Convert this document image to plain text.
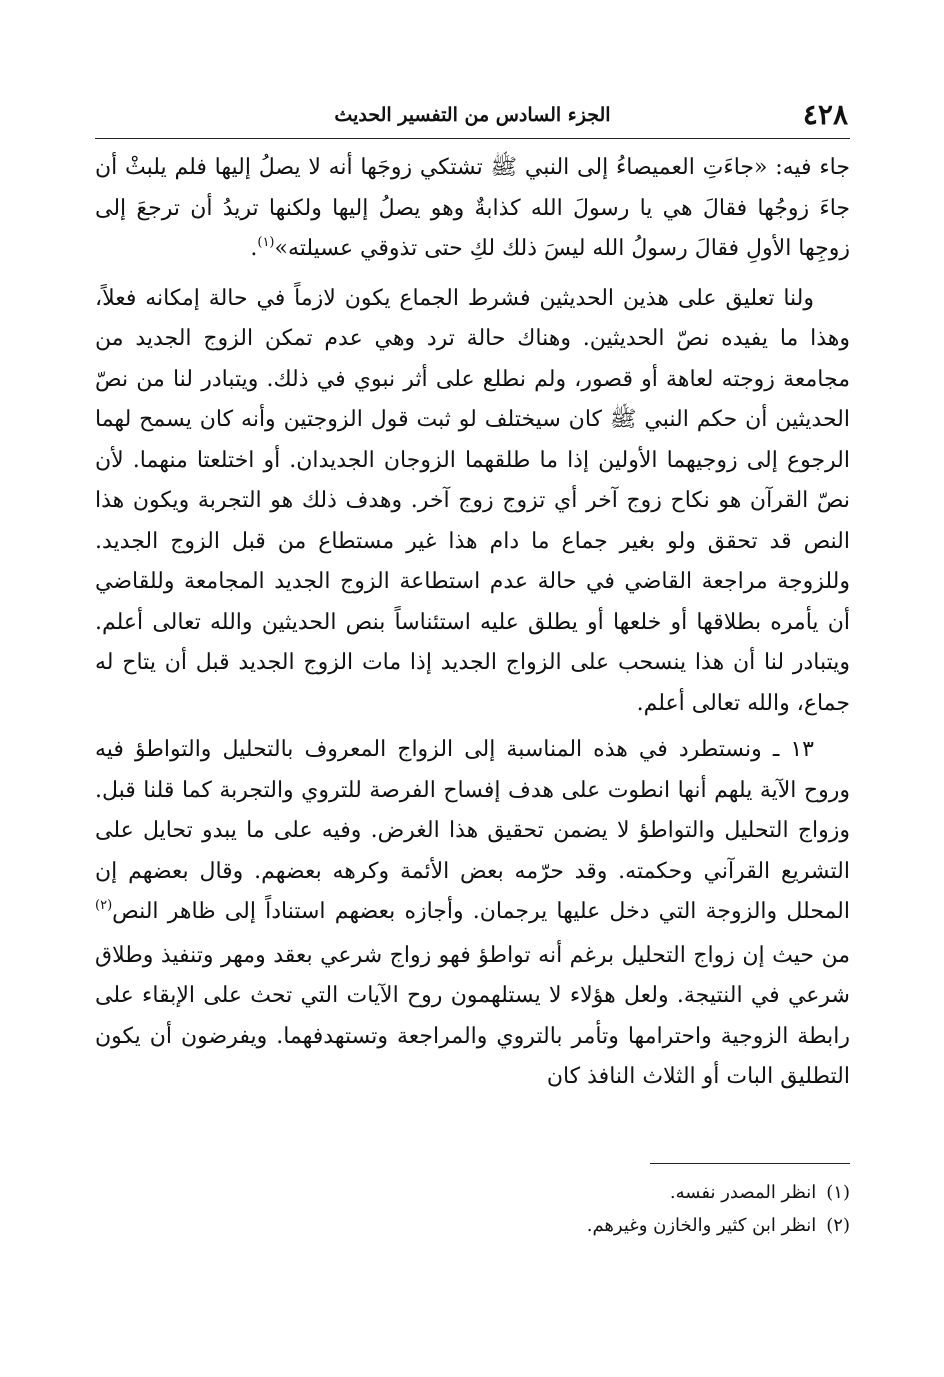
٤٢٨
الجزء السادس من التفسير الحديث

جاء فيه: «جاءَتِ العميصاءُ إلى النبي ﷺ تشتكي زوجَها أنه لا يصلُ إليها فلم يلبثْ أن جاءَ زوجُها فقالَ هي يا رسولَ الله كذابةٌ وهو يصلُ إليها ولكنها تريدُ أن ترجعَ إلى زوجِها الأولِ فقالَ رسولُ الله ليسَ ذلك لكِ حتى تذوقي عسيلته»$^{(١)}$.

ولنا تعليق على هذين الحديثين فشرط الجماع يكون لازماً في حالة إمكانه فعلاً، وهذا ما يفيده نصّ الحديثين. وهناك حالة ترد وهي عدم تمكن الزوج الجديد من مجامعة زوجته لعاهة أو قصور، ولم نطلع على أثر نبوي في ذلك. ويتبادر لنا من نصّ الحديثين أن حكم النبي ﷺ كان سيختلف لو ثبت قول الزوجتين وأنه كان يسمح لهما الرجوع إلى زوجيهما الأولين إذا ما طلقهما الزوجان الجديدان. أو اختلعتا منهما. لأن نصّ القرآن هو نكاح زوج آخر أي تزوج زوج آخر. وهدف ذلك هو التجربة ويكون هذا النص قد تحقق ولو بغير جماع ما دام هذا غير مستطاع من قبل الزوج الجديد. وللزوجة مراجعة القاضي في حالة عدم استطاعة الزوج الجديد المجامعة وللقاضي أن يأمره بطلاقها أو خلعها أو يطلق عليه استئناساً بنص الحديثين والله تعالى أعلم. ويتبادر لنا أن هذا ينسحب على الزواج الجديد إذا مات الزوج الجديد قبل أن يتاح له جماع، والله تعالى أعلم.

١٣ ـ ونستطرد في هذه المناسبة إلى الزواج المعروف بالتحليل والتواطؤ فيه وروح الآية يلهم أنها انطوت على هدف إفساح الفرصة للتروي والتجربة كما قلنا قبل. وزواج التحليل والتواطؤ لا يضمن تحقيق هذا الغرض. وفيه على ما يبدو تحايل على التشريع القرآني وحكمته. وقد حرّمه بعض الأئمة وكرهه بعضهم. وقال بعضهم إن المحلل والزوجة التي دخل عليها يرجمان. وأجازه بعضهم استناداً إلى ظاهر النص$^{(٢)}$ من حيث إن زواج التحليل برغم أنه تواطؤ فهو زواج شرعي بعقد ومهر وتنفيذ وطلاق شرعي في النتيجة. ولعل هؤلاء لا يستلهمون روح الآيات التي تحث على الإبقاء على رابطة الزوجية واحترامها وتأمر بالتروي والمراجعة وتستهدفهما. ويفرضون أن يكون التطليق البات أو الثلاث النافذ كان

(١)انظر المصدر نفسه.
(٢)انظر ابن كثير والخازن وغيرهم.
